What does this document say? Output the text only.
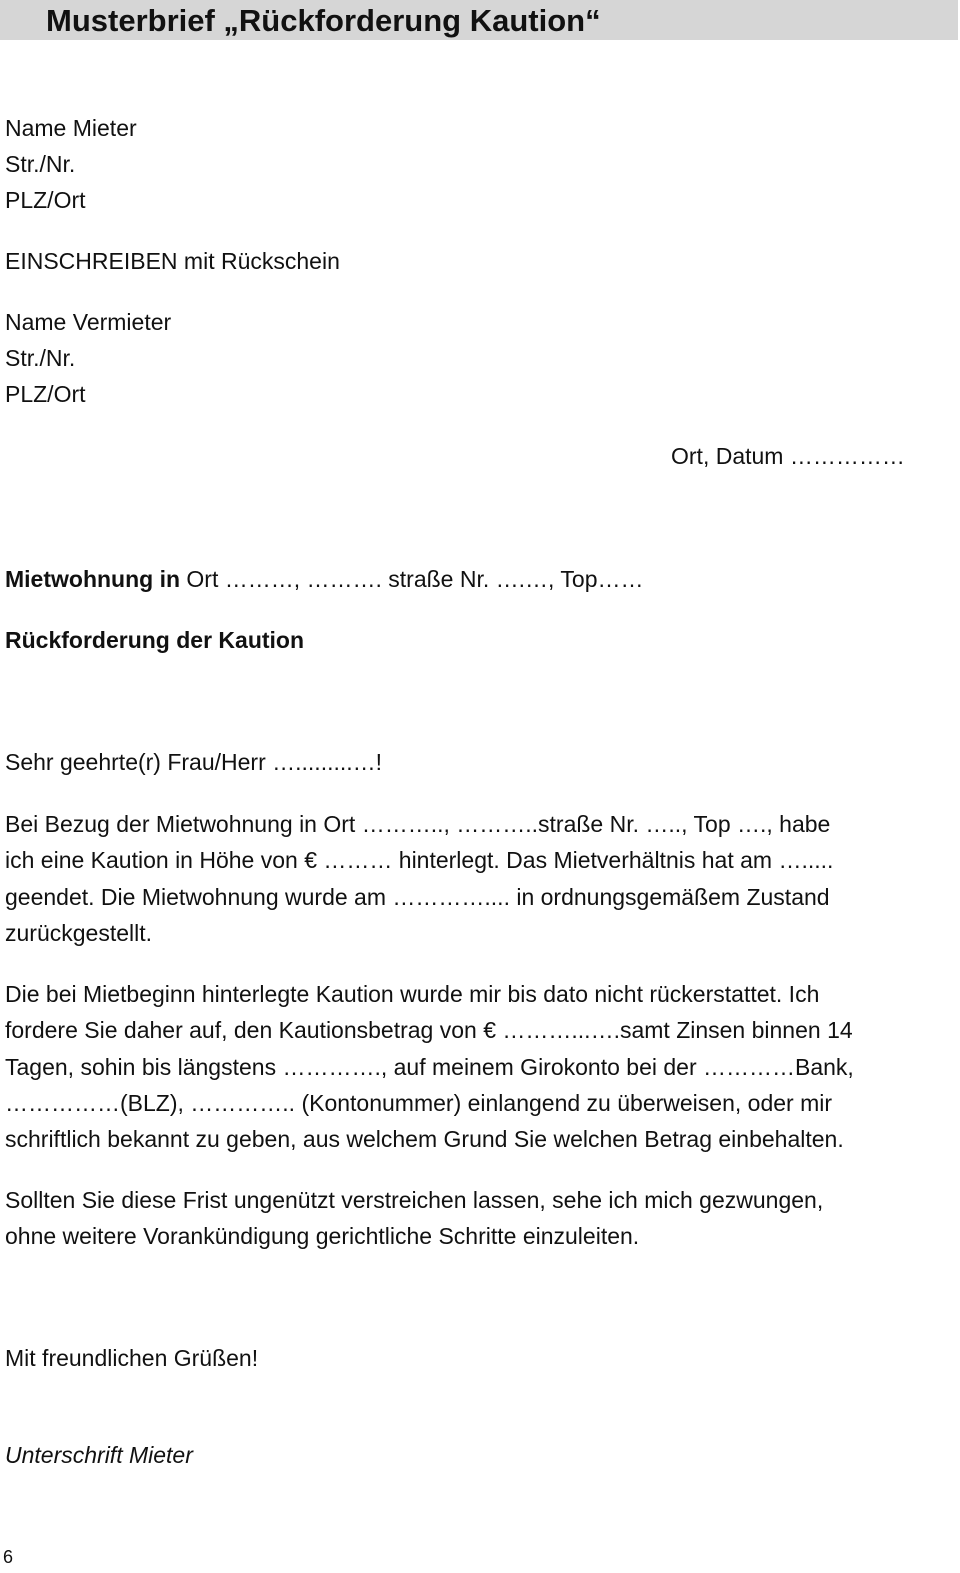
Musterbrief „Rückforderung Kaution“
Name Mieter
Str./Nr.
PLZ/Ort
EINSCHREIBEN mit Rückschein
Name Vermieter
Str./Nr.
PLZ/Ort
Ort, Datum ……………
Mietwohnung in Ort ………, ………. straße Nr. ….…, Top……
Rückforderung der Kaution
Sehr geehrte(r) Frau/Herr ….........…!
Bei Bezug der Mietwohnung in Ort ……….., ………..straße Nr. ….., Top …., habe
ich eine Kaution in Höhe von € ……… hinterlegt. Das Mietverhältnis hat am ….....
geendet. Die Mietwohnung wurde am ………….... in ordnungsgemäßem Zustand
zurückgestellt.
Die bei Mietbeginn hinterlegte Kaution wurde mir bis dato nicht rückerstattet. Ich
fordere Sie daher auf, den Kautionsbetrag von € ………...….samt Zinsen binnen 14
Tagen, sohin bis längstens …………., auf meinem Girokonto bei der …………Bank,
……………(BLZ), ………….. (Kontonummer) einlangend zu überweisen, oder mir
schriftlich bekannt zu geben, aus welchem Grund Sie welchen Betrag einbehalten.
Sollten Sie diese Frist ungenützt verstreichen lassen, sehe ich mich gezwungen,
ohne weitere Vorankündigung gerichtliche Schritte einzuleiten.
Mit freundlichen Grüßen!
Unterschrift Mieter
6
